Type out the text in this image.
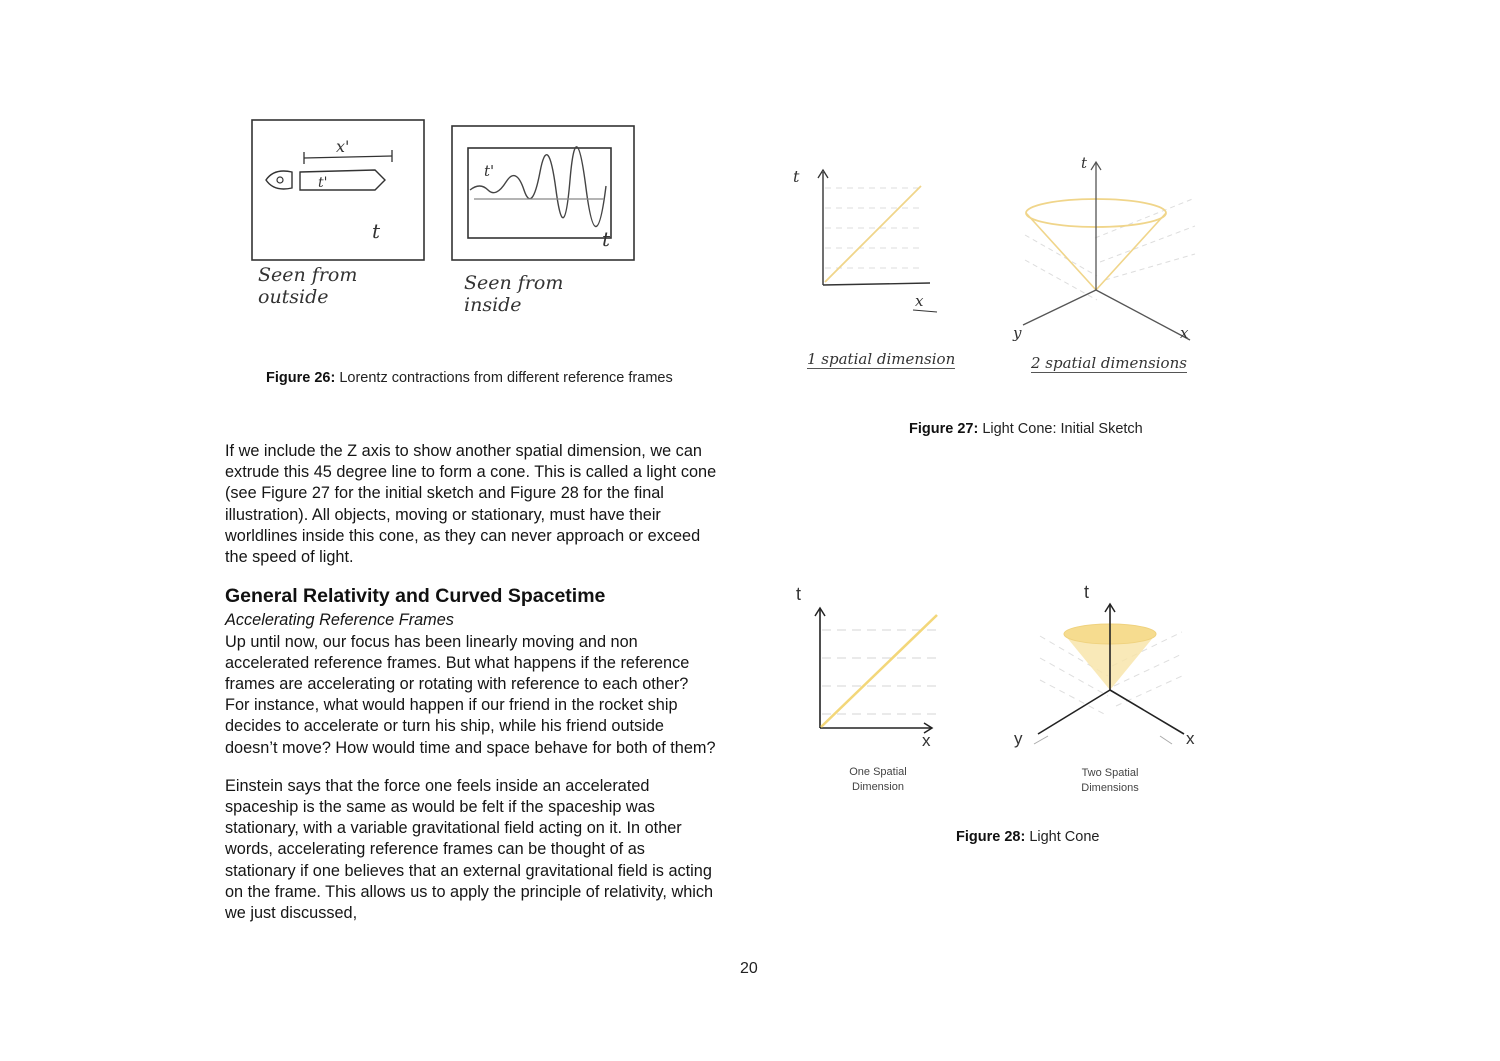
x'
t'
t
t'
t
Seen from outside
Seen from inside
Figure 26: Lorentz contractions from different reference frames
t
x
t
y	x
1 spatial dimension	2 spatial dimensions
Figure 27: Light Cone: Initial Sketch
t
x
One Spatial
Dimension
t
y	x
Two Spatial
Dimensions
Figure 28: Light Cone

If we include the Z axis to show another spatial dimension, we can extrude this 45 degree line to form a cone. This is called a light cone (see Figure 27 for the initial sketch and Figure 28 for the final illustration). All objects, moving or stationary, must have their worldlines inside this cone, as they can never approach or exceed the speed of light.

General Relativity and Curved Spacetime
Accelerating Reference Frames

Up until now, our focus has been linearly moving and non accelerated reference frames. But what happens if the reference frames are accelerating or rotating with reference to each other? For instance, what would happen if our friend in the rocket ship decides to accelerate or turn his ship, while his friend outside doesn’t move? How would time and space behave for both of them?

Einstein says that the force one feels inside an accelerated spaceship is the same as would be felt if the spaceship was stationary, with a variable gravitational field acting on it. In other words, accelerating reference frames can be thought of as stationary if one believes that an external gravitational field is acting on the frame. This allows us to apply the principle of relativity, which we just discussed,

20
